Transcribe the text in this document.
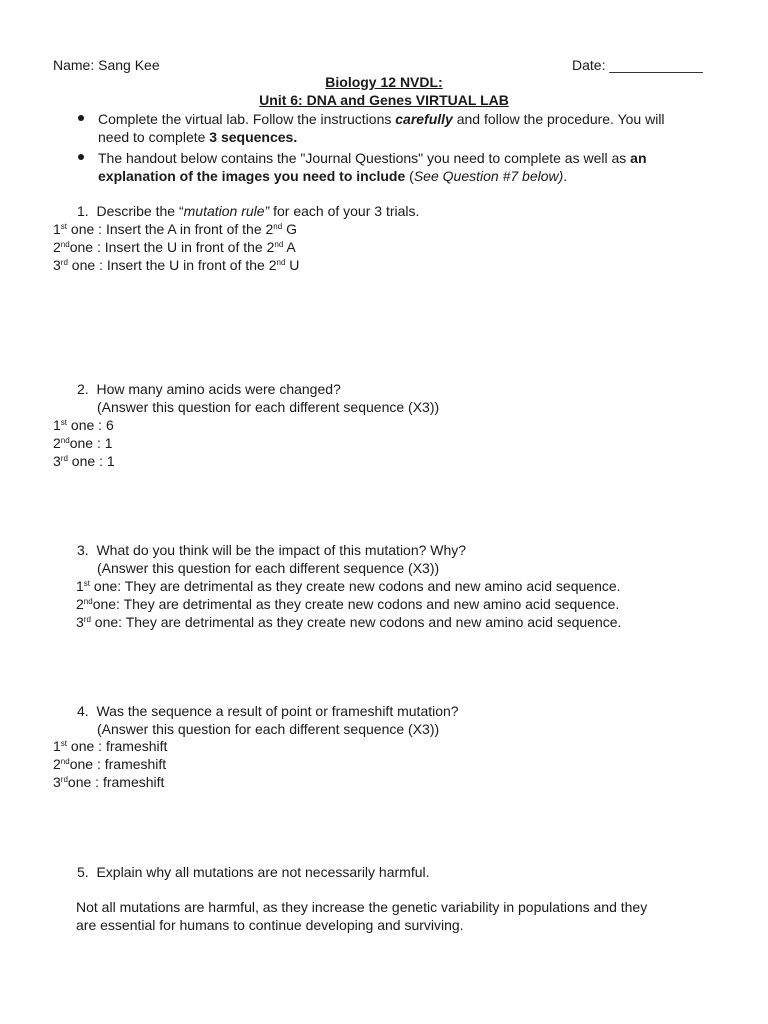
Name: Sang Kee	Date: ____________
Biology 12 NVDL:
Unit 6: DNA and Genes VIRTUAL LAB
Complete the virtual lab. Follow the instructions carefully and follow the procedure. You will
need to complete 3 sequences.
The handout below contains the "Journal Questions" you need to complete as well as an
explanation of the images you need to include (See Question #7 below).
1. Describe the “mutation rule” for each of your 3 trials.
1st one : Insert the A in front of the 2nd G
2ndone : Insert the U in front of the 2nd A
3rd one : Insert the U in front of the 2nd U
2. How many amino acids were changed?
(Answer this question for each different sequence (X3))
1st one : 6
2ndone : 1
3rd one : 1
3. What do you think will be the impact of this mutation? Why?
(Answer this question for each different sequence (X3))
1st one: They are detrimental as they create new codons and new amino acid sequence.
2ndone: They are detrimental as they create new codons and new amino acid sequence.
3rd one: They are detrimental as they create new codons and new amino acid sequence.
4. Was the sequence a result of point or frameshift mutation?
(Answer this question for each different sequence (X3))
1st one : frameshift
2ndone : frameshift
3rdone : frameshift
5. Explain why all mutations are not necessarily harmful.
Not all mutations are harmful, as they increase the genetic variability in populations and they
are essential for humans to continue developing and surviving.
